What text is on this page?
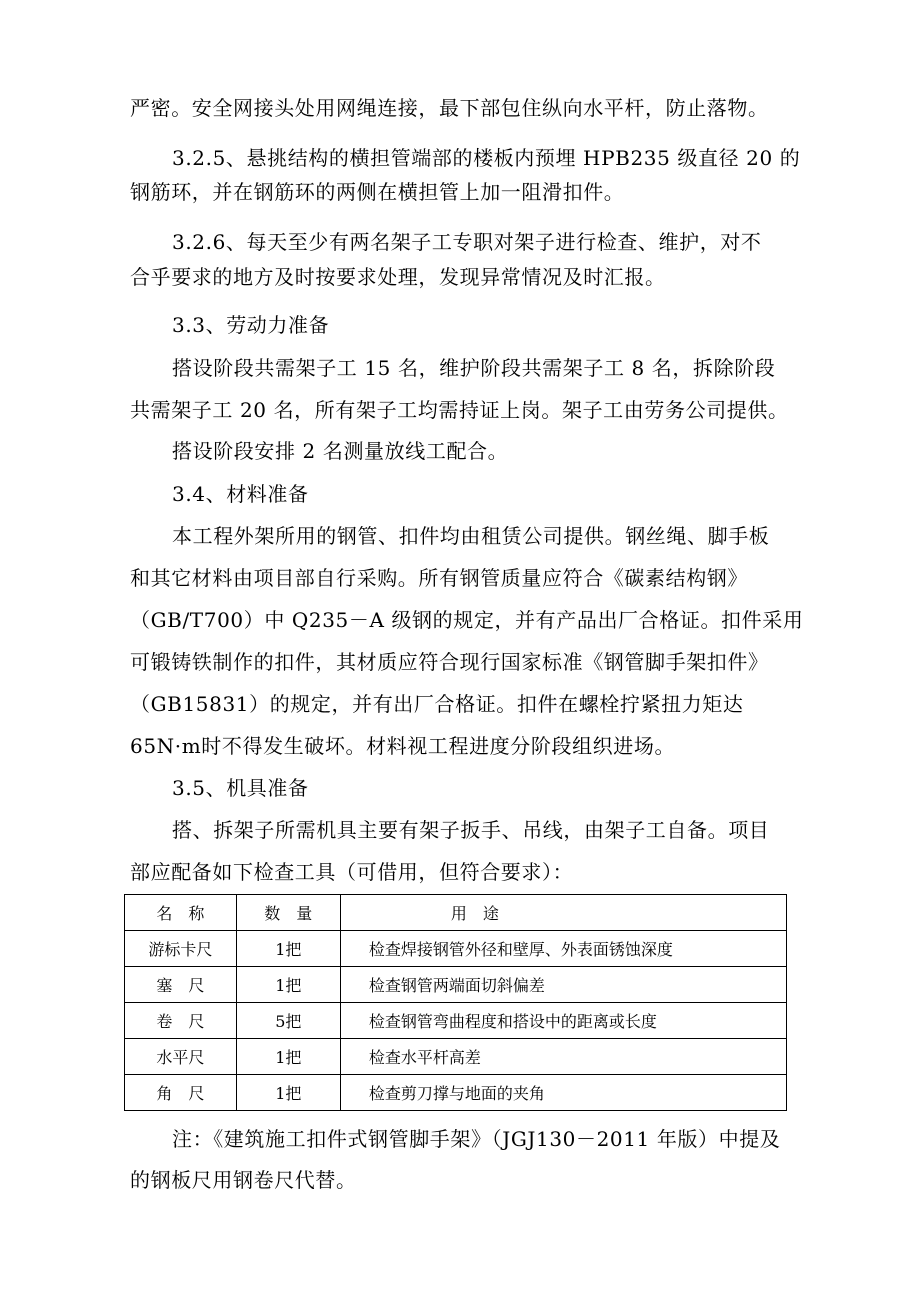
严密。安全网接头处用网绳连接，最下部包住纵向水平杆，防止落物。
3.2.5、悬挑结构的横担管端部的楼板内预埋 HPB235 级直径 20 的
钢筋环，并在钢筋环的两侧在横担管上加一阻滑扣件。
3.2.6、每天至少有两名架子工专职对架子进行检查、维护，对不
合乎要求的地方及时按要求处理，发现异常情况及时汇报。
3.3、劳动力准备
搭设阶段共需架子工 15 名，维护阶段共需架子工 8 名，拆除阶段
共需架子工 20 名，所有架子工均需持证上岗。架子工由劳务公司提供。
搭设阶段安排 2 名测量放线工配合。
3.4、材料准备
本工程外架所用的钢管、扣件均由租赁公司提供。钢丝绳、脚手板
和其它材料由项目部自行采购。所有钢管质量应符合《碳素结构钢》
（GB/T700）中 Q235－A 级钢的规定，并有产品出厂合格证。扣件采用
可锻铸铁制作的扣件，其材质应符合现行国家标准《钢管脚手架扣件》
（GB15831）的规定，并有出厂合格证。扣件在螺栓拧紧扭力矩达
65N·m时不得发生破坏。材料视工程进度分阶段组织进场。
3.5、机具准备
搭、拆架子所需机具主要有架子扳手、吊线，由架子工自备。项目
部应配备如下检查工具（可借用，但符合要求）：
名　称	数　量	用　途
游标卡尺	1把	检查焊接钢管外径和壁厚、外表面锈蚀深度
塞　尺	1把	检查钢管两端面切斜偏差
卷　尺	5把	检查钢管弯曲程度和搭设中的距离或长度
水平尺	1把	检查水平杆高差
角　尺	1把	检查剪刀撑与地面的夹角
注：《建筑施工扣件式钢管脚手架》（JGJ130－2011 年版）中提及
的钢板尺用钢卷尺代替。
